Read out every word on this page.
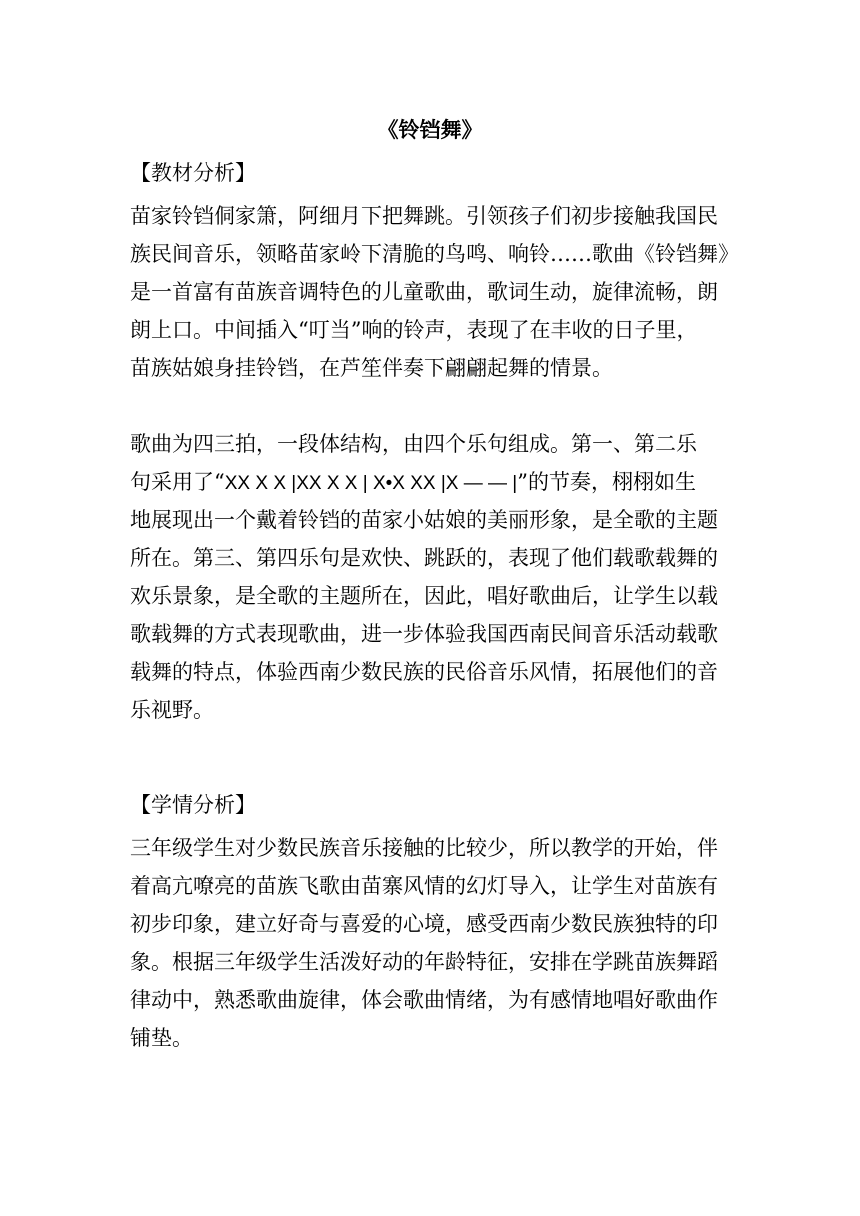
《铃铛舞》
【教材分析】
苗家铃铛侗家箫，阿细月下把舞跳。引领孩子们初步接触我国民
族民间音乐，领略苗家岭下清脆的鸟鸣、响铃……歌曲《铃铛舞》
是一首富有苗族音调特色的儿童歌曲，歌词生动，旋律流畅，朗
朗上口。中间插入“叮当”响的铃声，表现了在丰收的日子里，
苗族姑娘身挂铃铛，在芦笙伴奏下翩翩起舞的情景。
歌曲为四三拍，一段体结构，由四个乐句组成。第一、第二乐
句采用了“XX X X |XX X X | X•X XX |X — — |”的节奏，栩栩如生
地展现出一个戴着铃铛的苗家小姑娘的美丽形象，是全歌的主题
所在。第三、第四乐句是欢快、跳跃的，表现了他们载歌载舞的
欢乐景象，是全歌的主题所在，因此，唱好歌曲后，让学生以载
歌载舞的方式表现歌曲，进一步体验我国西南民间音乐活动载歌
载舞的特点，体验西南少数民族的民俗音乐风情，拓展他们的音
乐视野。
【学情分析】
三年级学生对少数民族音乐接触的比较少，所以教学的开始，伴
着高亢嘹亮的苗族飞歌由苗寨风情的幻灯导入，让学生对苗族有
初步印象，建立好奇与喜爱的心境，感受西南少数民族独特的印
象。根据三年级学生活泼好动的年龄特征，安排在学跳苗族舞蹈
律动中，熟悉歌曲旋律，体会歌曲情绪，为有感情地唱好歌曲作
铺垫。
